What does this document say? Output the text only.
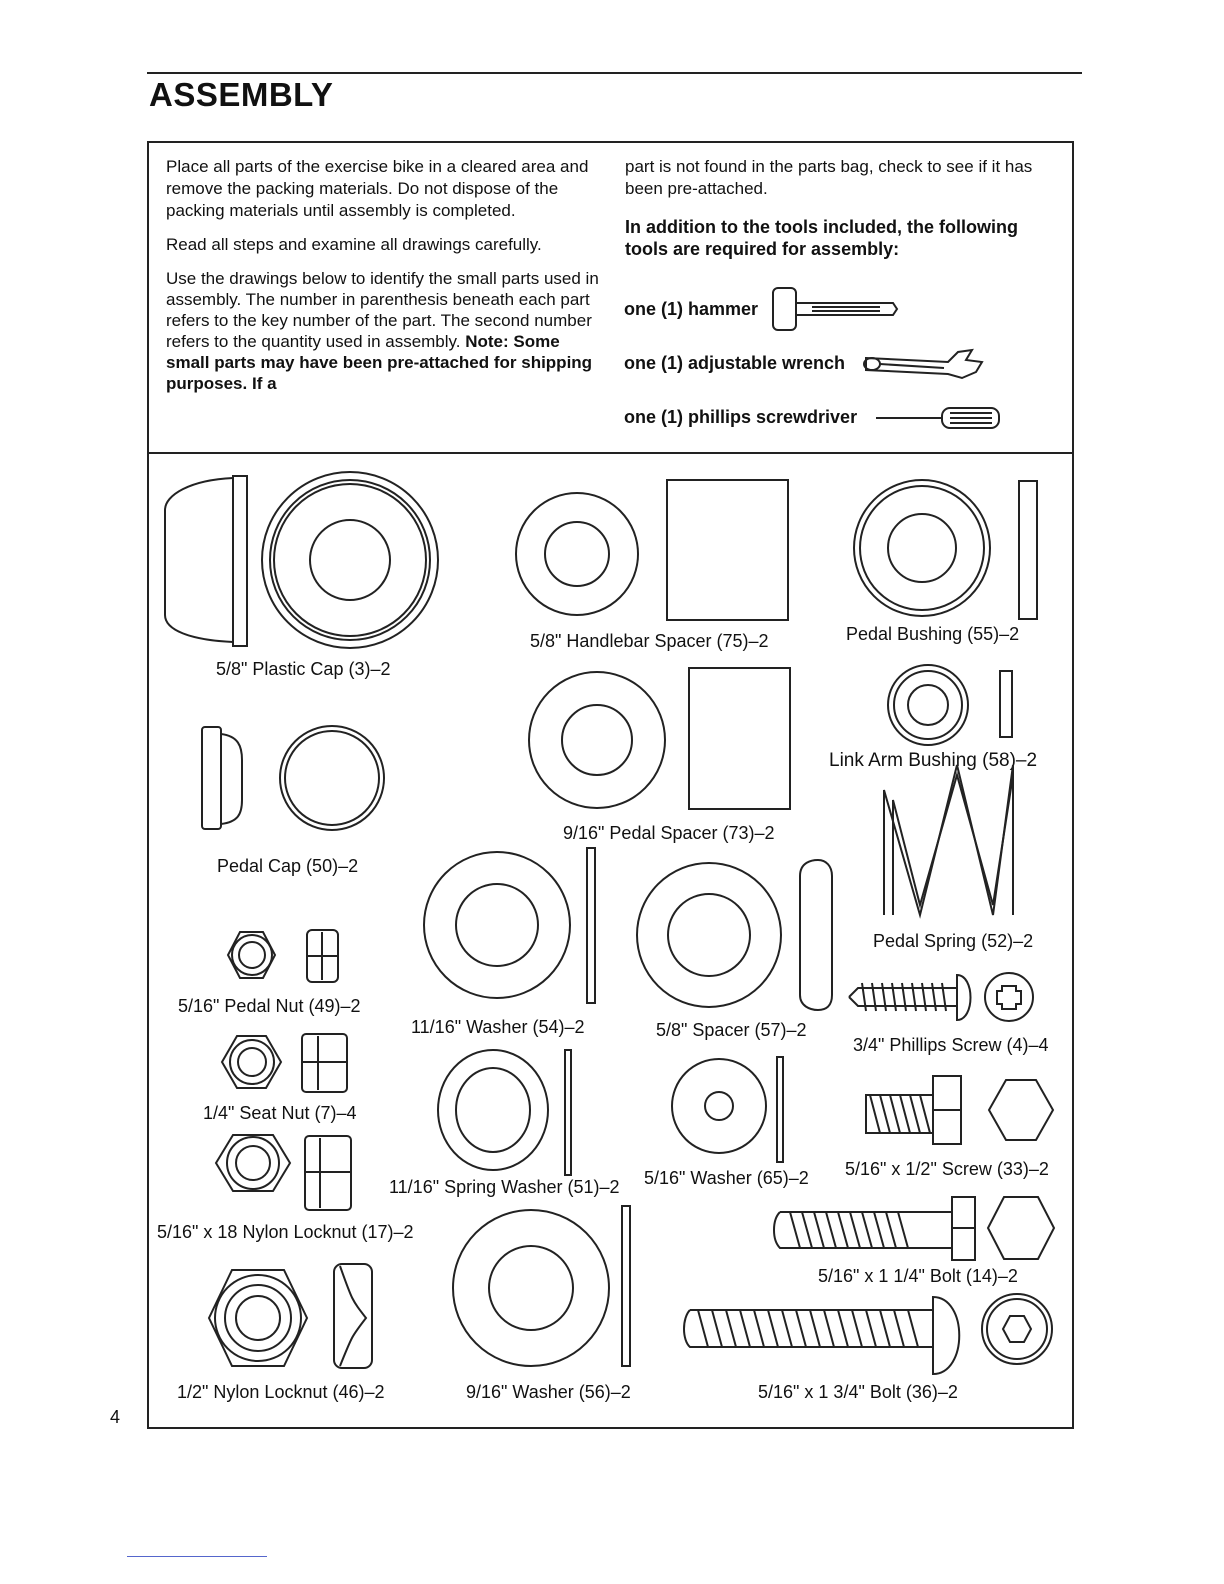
ASSEMBLY

Place all parts of the exercise bike in a cleared area and remove the packing materials. Do not dispose of the packing materials until assembly is completed.

Read all steps and examine all drawings carefully.

Use the drawings below to identify the small parts used in assembly. The number in parenthesis beneath each part refers to the key number of the part. The second number refers to the quantity used in assembly. Note: Some small parts may have been pre-attached for shipping purposes. If a

part is not found in the parts bag, check to see if it has been pre-attached.

In addition to the tools included, the following tools are required for assembly:

one (1) hammer
one (1) adjustable wrench
one (1) phillips screwdriver
5/8" Plastic Cap (3)–2
5/8" Handlebar Spacer (75)–2	Pedal Bushing (55)–2
Link Arm Bushing (58)–2
9/16" Pedal Spacer (73)–2
Pedal Cap (50)–2
Pedal Spring (52)–2
5/16" Pedal Nut (49)–2
11/16" Washer (54)–2	5/8" Spacer (57)–2
3/4" Phillips Screw (4)–4
1/4" Seat Nut (7)–4
11/16" Spring Washer (51)–2 5/16" Washer (65)–2 5/16" x 1/2" Screw (33)–2
5/16" x 18 Nylon Locknut (17)–2
5/16" x 1 1/4" Bolt (14)–2
1/2" Nylon Locknut (46)–2	9/16" Washer (56)–2	5/16" x 1 3/4" Bolt (36)–2
4
